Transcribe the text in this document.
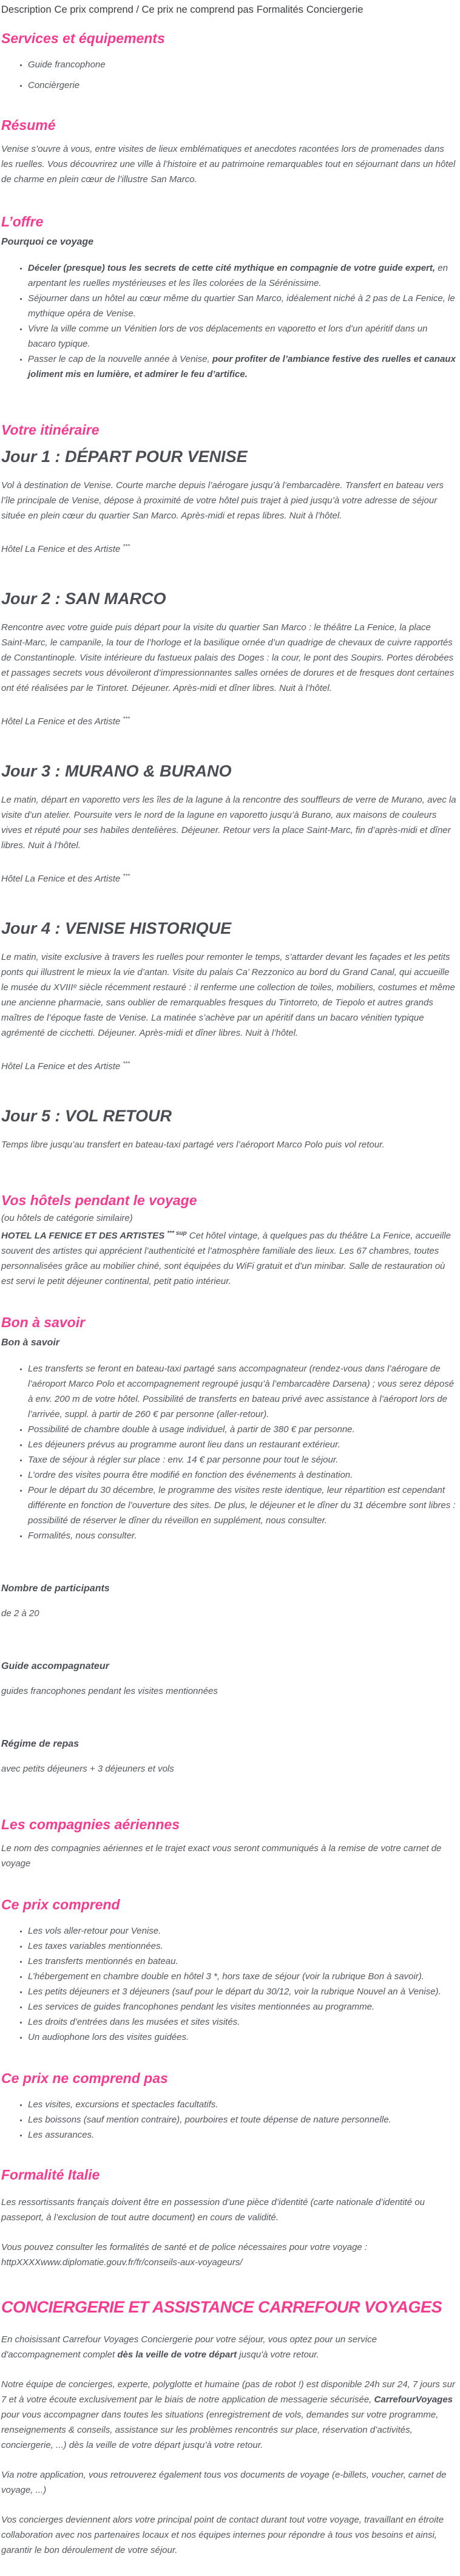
Description Ce prix comprend / Ce prix ne comprend pas Formalités Conciergerie
Services et équipements
• Guide francophone
• Concièrgerie
Résumé

Venise s’ouvre à vous, entre visites de lieux emblématiques et anecdotes racontées lors de promenades dans les ruelles. Vous découvrirez une ville à l’histoire et au patrimoine remarquables tout en séjournant dans un hôtel de charme en plein cœur de l’illustre San Marco.

L’offre
Pourquoi ce voyage
• Déceler (presque) tous les secrets de cette cité mythique en compagnie de votre guide expert, en arpentant les ruelles mystérieuses et les îles colorées de la Sérénissime.
• Séjourner dans un hôtel au cœur même du quartier San Marco, idéalement niché à 2 pas de La Fenice, le mythique opéra de Venise.
• Vivre la ville comme un Vénitien lors de vos déplacements en vaporetto et lors d’un apéritif dans un bacaro typique.
• Passer le cap de la nouvelle année à Venise, pour profiter de l’ambiance festive des ruelles et canaux joliment mis en lumière, et admirer le feu d’artifice.
Votre itinéraire
Jour 1 : DÉPART POUR VENISE

Vol à destination de Venise. Courte marche depuis l’aérogare jusqu’à l’embarcadère. Transfert en bateau vers l’île principale de Venise, dépose à proximité de votre hôtel puis trajet à pied jusqu’à votre adresse de séjour située en plein cœur du quartier San Marco. Après-midi et repas libres. Nuit à l’hôtel.

Hôtel La Fenice et des Artiste ***

Jour 2 : SAN MARCO

Rencontre avec votre guide puis départ pour la visite du quartier San Marco : le théâtre La Fenice, la place Saint-Marc, le campanile, la tour de l’horloge et la basilique ornée d’un quadrige de chevaux de cuivre rapportés de Constantinople. Visite intérieure du fastueux palais des Doges : la cour, le pont des Soupirs. Portes dérobées et passages secrets vous dévoileront d’impressionnantes salles ornées de dorures et de fresques dont certaines ont été réalisées par le Tintoret. Déjeuner. Après-midi et dîner libres. Nuit à l’hôtel.

Hôtel La Fenice et des Artiste ***

Jour 3 : MURANO & BURANO

Le matin, départ en vaporetto vers les îles de la lagune à la rencontre des souffleurs de verre de Murano, avec la visite d’un atelier. Poursuite vers le nord de la lagune en vaporetto jusqu’à Burano, aux maisons de couleurs vives et réputé pour ses habiles dentelières. Déjeuner. Retour vers la place Saint-Marc, fin d’après-midi et dîner libres. Nuit à l’hôtel.

Hôtel La Fenice et des Artiste ***

Jour 4 : VENISE HISTORIQUE

Le matin, visite exclusive à travers les ruelles pour remonter le temps, s’attarder devant les façades et les petits ponts qui illustrent le mieux la vie d’antan. Visite du palais Ca’ Rezzonico au bord du Grand Canal, qui accueille le musée du XVIIIᵉ siècle récemment restauré : il renferme une collection de toiles, mobiliers, costumes et même une ancienne pharmacie, sans oublier de remarquables fresques du Tintorreto, de Tiepolo et autres grands maîtres de l’époque faste de Venise. La matinée s’achève par un apéritif dans un bacaro vénitien typique agrémenté de cicchetti. Déjeuner. Après-midi et dîner libres. Nuit à l’hôtel.

Hôtel La Fenice et des Artiste ***

Jour 5 : VOL RETOUR

Temps libre jusqu’au transfert en bateau-taxi partagé vers l’aéroport Marco Polo puis vol retour.

Vos hôtels pendant le voyage
(ou hôtels de catégorie similaire)

HOTEL LA FENICE ET DES ARTISTES $^{*** sup}$ Cet hôtel vintage, à quelques pas du théâtre La Fenice, accueille souvent des artistes qui apprécient l’authenticité et l’atmosphère familiale des lieux. Les 67 chambres, toutes personnalisées grâce au mobilier chiné, sont équipées du WiFi gratuit et d’un minibar. Salle de restauration où est servi le petit déjeuner continental, petit patio intérieur.

Bon à savoir
Bon à savoir
• Les transferts se feront en bateau-taxi partagé sans accompagnateur (rendez-vous dans l’aérogare de l’aéroport Marco Polo et accompagnement regroupé jusqu’à l’embarcadère Darsena) ; vous serez déposé à env. 200 m de votre hôtel. Possibilité de transferts en bateau privé avec assistance à l’aéroport lors de l’arrivée, suppl. à partir de 260 € par personne (aller-retour).
• Possibilité de chambre double à usage individuel, à partir de 380 € par personne.
• Les déjeuners prévus au programme auront lieu dans un restaurant extérieur.
• Taxe de séjour à régler sur place : env. 14 € par personne pour tout le séjour.
• L’ordre des visites pourra être modifié en fonction des événements à destination.
• Pour le départ du 30 décembre, le programme des visites reste identique, leur répartition est cependant différente en fonction de l’ouverture des sites. De plus, le déjeuner et le dîner du 31 décembre sont libres : possibilité de réserver le dîner du réveillon en supplément, nous consulter.
• Formalités, nous consulter.
Nombre de participants

de 2 à 20

Guide accompagnateur

guides francophones pendant les visites mentionnées

Régime de repas

avec petits déjeuners + 3 déjeuners et vols

Les compagnies aériennes

Le nom des compagnies aériennes et le trajet exact vous seront communiqués à la remise de votre carnet de voyage

Ce prix comprend
• Les vols aller-retour pour Venise.
• Les taxes variables mentionnées.
• Les transferts mentionnés en bateau.
• L’hébergement en chambre double en hôtel 3 *, hors taxe de séjour (voir la rubrique Bon à savoir).
• Les petits déjeuners et 3 déjeuners (sauf pour le départ du 30/12, voir la rubrique Nouvel an à Venise).
• Les services de guides francophones pendant les visites mentionnées au programme.
• Les droits d’entrées dans les musées et sites visités.
• Un audiophone lors des visites guidées.
Ce prix ne comprend pas
• Les visites, excursions et spectacles facultatifs.
• Les boissons (sauf mention contraire), pourboires et toute dépense de nature personnelle.
• Les assurances.
Formalité Italie

Les ressortissants français doivent être en possession d’une pièce d’identité (carte nationale d’identité ou passeport, à l’exclusion de tout autre document) en cours de validité.

Vous pouvez consulter les formalités de santé et de police nécessaires pour votre voyage :

httpXXXXwww.diplomatie.gouv.fr/fr/conseils-aux-voyageurs/

CONCIERGERIE ET ASSISTANCE CARREFOUR VOYAGES

En choisissant Carrefour Voyages Conciergerie pour votre séjour, vous optez pour un service d'accompagnement complet dès la veille de votre départ jusqu'à votre retour.

Notre équipe de concierges, experte, polyglotte et humaine (pas de robot !) est disponible 24h sur 24, 7 jours sur 7 et à votre écoute exclusivement par le biais de notre application de messagerie sécurisée, CarrefourVoyages pour vous accompagner dans toutes les situations (enregistrement de vols, demandes sur votre programme, renseignements & conseils, assistance sur les problèmes rencontrés sur place, réservation d’activités, conciergerie, ...) dès la veille de votre départ jusqu’à votre retour.

Via notre application, vous retrouverez également tous vos documents de voyage (e-billets, voucher, carnet de voyage, ...)

Vos concierges deviennent alors votre principal point de contact durant tout votre voyage, travaillant en étroite collaboration avec nos partenaires locaux et nos équipes internes pour répondre à tous vos besoins et ainsi, garantir le bon déroulement de votre séjour.
